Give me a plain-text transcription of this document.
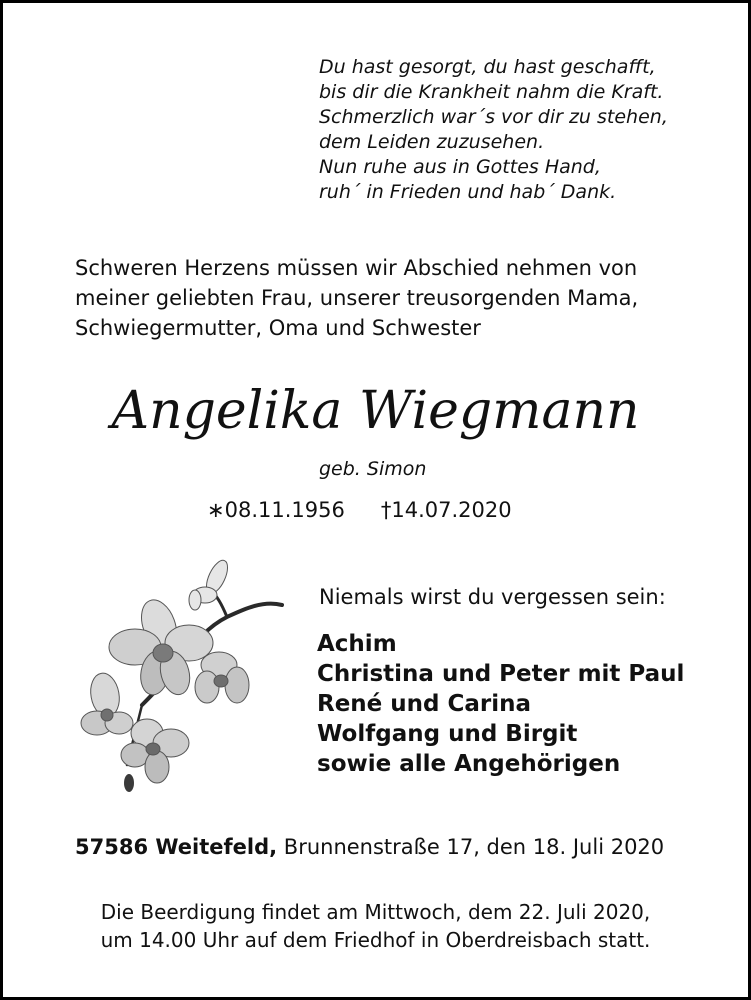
Du hast gesorgt, du hast geschafft,
bis dir die Krankheit nahm die Kraft.
Schmerzlich war´s vor dir zu stehen,
dem Leiden zuzusehen.
Nun ruhe aus in Gottes Hand,
ruh´ in Frieden und hab´ Dank.
Schweren Herzens müssen wir Abschied nehmen von
meiner geliebten Frau, unserer treusorgenden Mama,
Schwiegermutter, Oma und Schwester
Angelika Wiegmann
geb. Simon
∗08.11.1956 †14.07.2020
Niemals wirst du vergessen sein:
Achim
Christina und Peter mit Paul
René und Carina
Wolfgang und Birgit
sowie alle Angehörigen
57586 Weitefeld, Brunnenstraße 17, den 18. Juli 2020
Die Beerdigung findet am Mittwoch, dem 22. Juli 2020,
um 14.00 Uhr auf dem Friedhof in Oberdreisbach statt.
